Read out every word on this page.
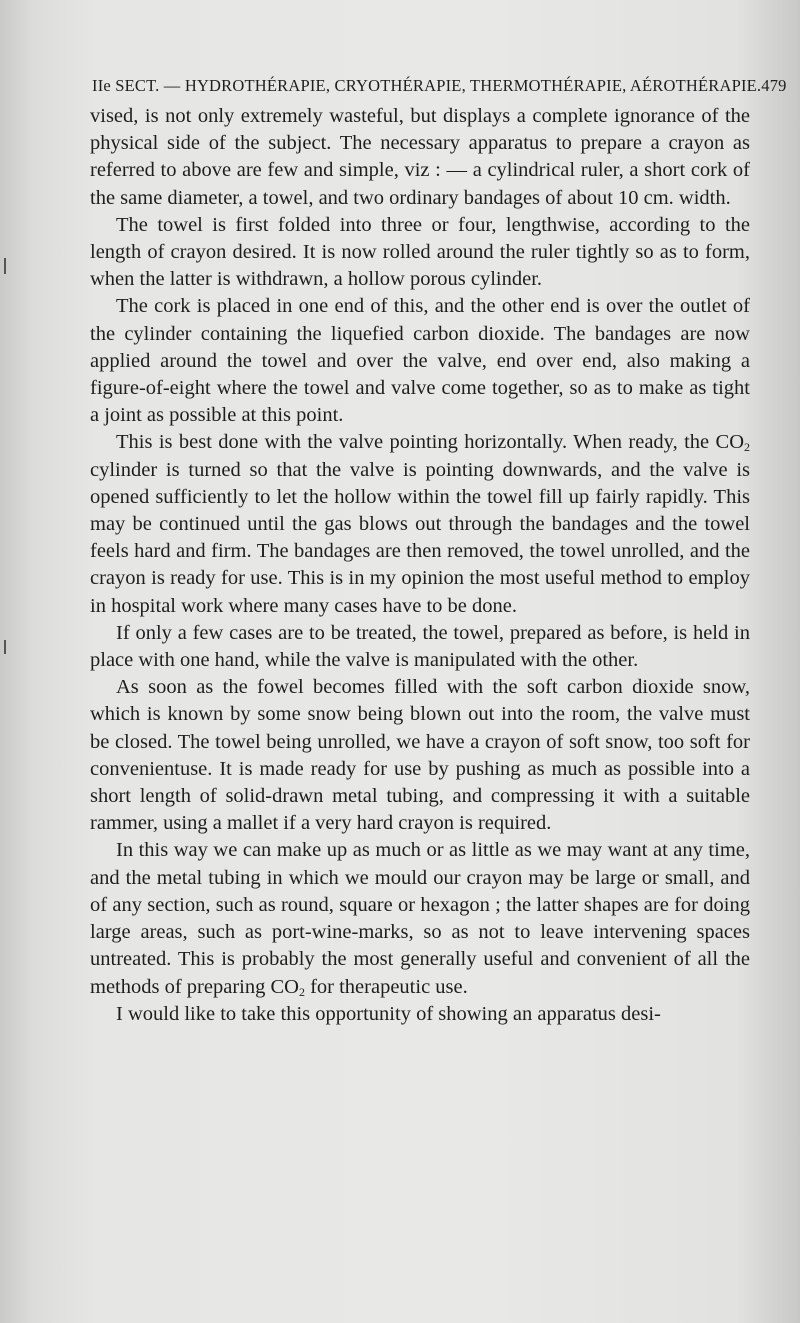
IIe SECT. — HYDROTHÉRAPIE, CRYOTHÉRAPIE, THERMOTHÉRAPIE, AÉROTHÉRAPIE. 479

vised, is not only extremely wasteful, but displays a complete ignorance of the physical side of the subject. The necessary apparatus to prepare a crayon as referred to above are few and simple, viz : — a cylindrical ruler, a short cork of the same diameter, a towel, and two ordinary bandages of about 10 cm. width.

The towel is first folded into three or four, lengthwise, according to the length of crayon desired. It is now rolled around the ruler tightly so as to form, when the latter is withdrawn, a hollow porous cylinder.

The cork is placed in one end of this, and the other end is over the outlet of the cylinder containing the liquefied carbon dioxide. The bandages are now applied around the towel and over the valve, end over end, also making a figure-of-eight where the towel and valve come together, so as to make as tight a joint as possible at this point.

This is best done with the valve pointing horizontally. When ready, the $CO_2$ cylinder is turned so that the valve is pointing downwards, and the valve is opened sufficiently to let the hollow within the towel fill up fairly rapidly. This may be continued until the gas blows out through the bandages and the towel feels hard and firm. The bandages are then removed, the towel unrolled, and the crayon is ready for use. This is in my opinion the most useful method to employ in hospital work where many cases have to be done.

If only a few cases are to be treated, the towel, prepared as before, is held in place with one hand, while the valve is manipulated with the other.

As soon as the fowel becomes filled with the soft carbon dioxide snow, which is known by some snow being blown out into the room, the valve must be closed. The towel being unrolled, we have a crayon of soft snow, too soft for convenientuse. It is made ready for use by pushing as much as possible into a short length of solid-drawn metal tubing, and compressing it with a suitable rammer, using a mallet if a very hard crayon is required.

In this way we can make up as much or as little as we may want at any time, and the metal tubing in which we mould our crayon may be large or small, and of any section, such as round, square or hexagon ; the latter shapes are for doing large areas, such as port-wine-marks, so as not to leave intervening spaces untreated. This is probably the most generally useful and convenient of all the methods of preparing $CO_2$ for therapeutic use.

I would like to take this opportunity of showing an apparatus desi-
